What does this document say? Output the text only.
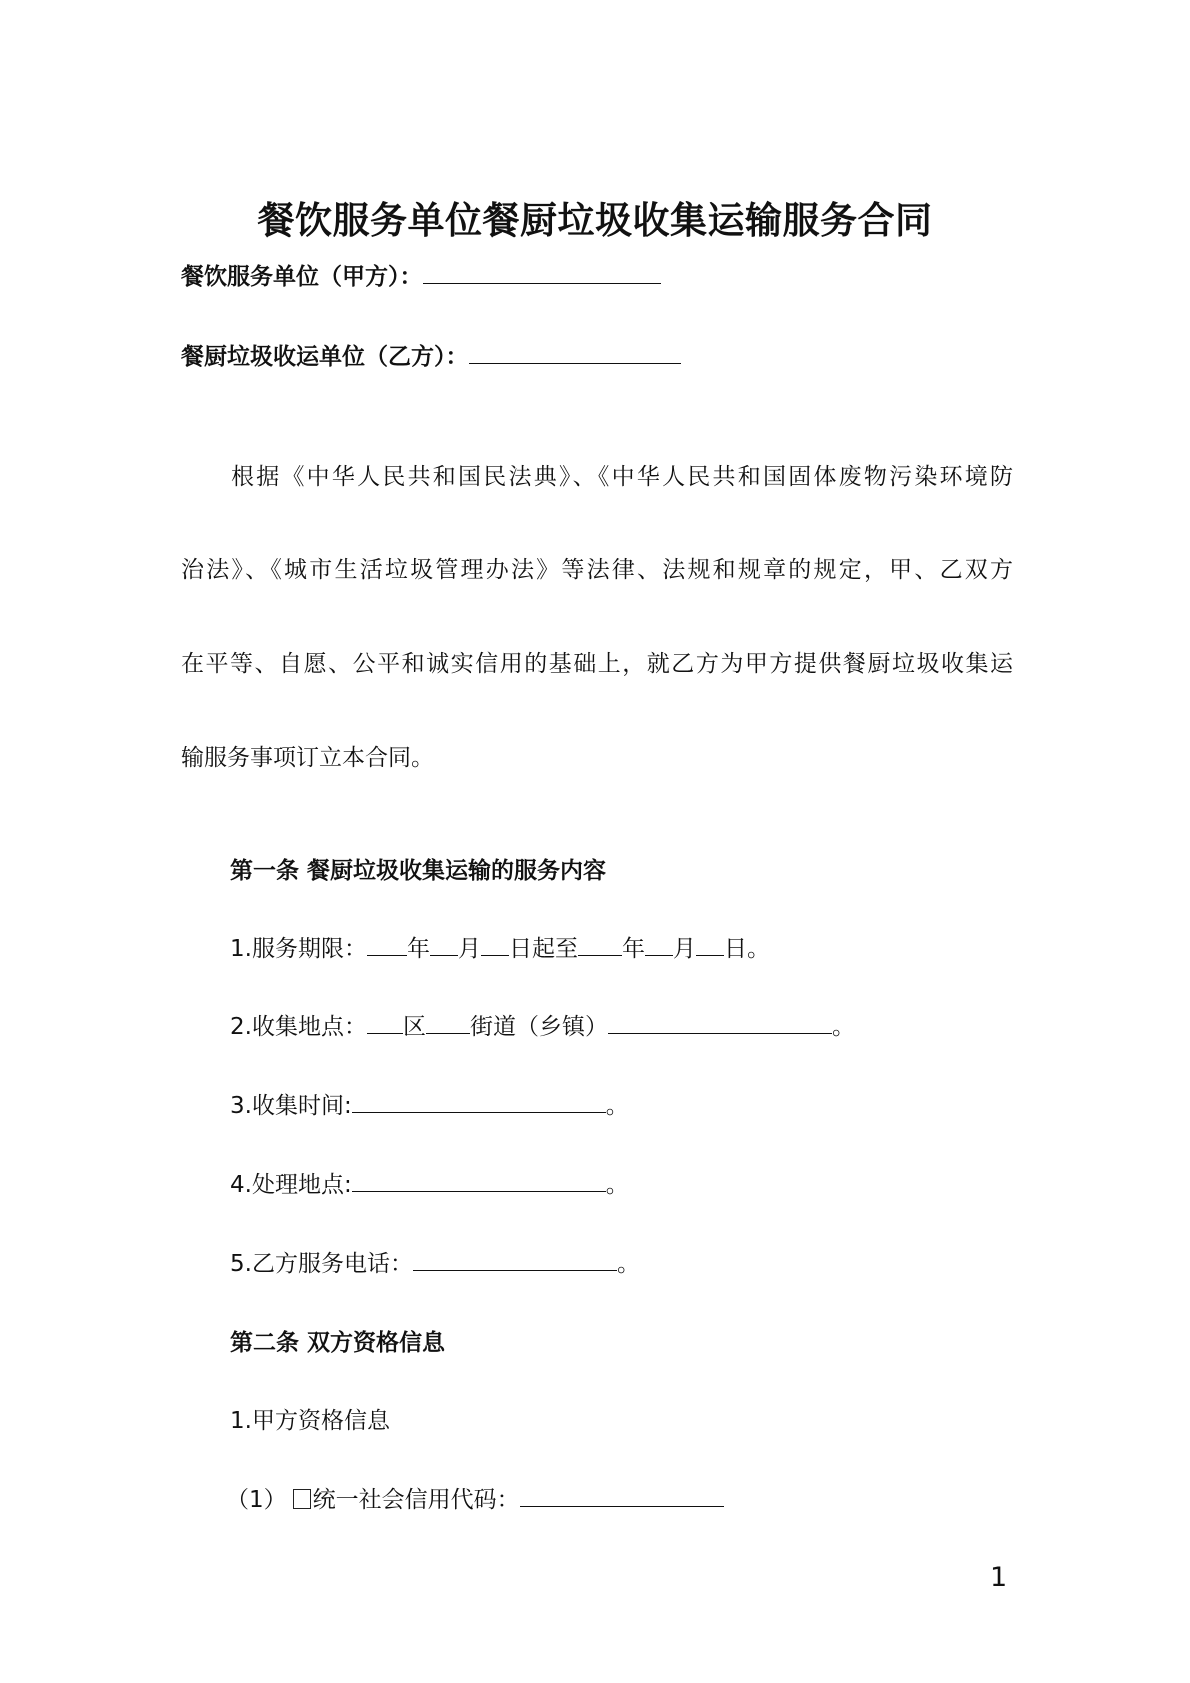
餐饮服务单位餐厨垃圾收集运输服务合同
餐饮服务单位（甲方）：
餐厨垃圾收运单位（乙方）：
根据《中华人民共和国民法典》、《中华人民共和国固体废物污染环境防
治法》、《城市生活垃圾管理办法》等法律、法规和规章的规定，甲、乙双方
在平等、自愿、公平和诚实信用的基础上，就乙方为甲方提供餐厨垃圾收集运
输服务事项订立本合同。
第一条 餐厨垃圾收集运输的服务内容
1.服务期限： 年 月 日起至 年 月 日。
2.收集地点： 区 街道（乡镇）	。
3.收集时间:	。
4.处理地点:	。
5.乙方服务电话：	。
第二条 双方资格信息
1.甲方资格信息
（1） 统一社会信用代码：
1
